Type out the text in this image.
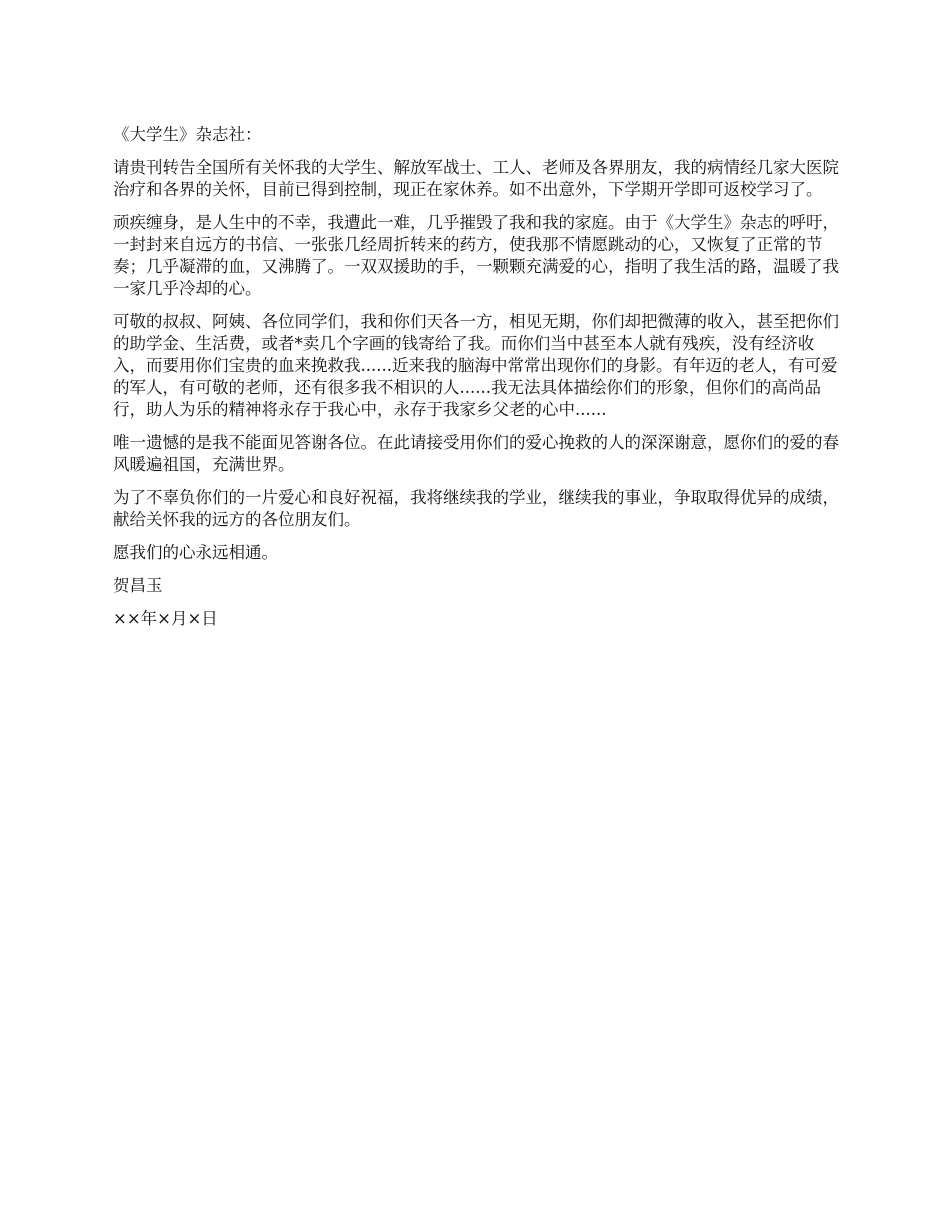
《大学生》杂志社：

请贵刊转告全国所有关怀我的大学生、解放军战士、工人、老师及各界朋友，我的病情经几家大医院治疗和各界的关怀，目前已得到控制，现正在家休养。如不出意外，下学期开学即可返校学习了。

顽疾缠身，是人生中的不幸，我遭此一难，几乎摧毁了我和我的家庭。由于《大学生》杂志的呼吁，一封封来自远方的书信、一张张几经周折转来的药方，使我那不情愿跳动的心，又恢复了正常的节奏；几乎凝滞的血，又沸腾了。一双双援助的手，一颗颗充满爱的心，指明了我生活的路，温暖了我一家几乎冷却的心。

可敬的叔叔、阿姨、各位同学们，我和你们天各一方，相见无期，你们却把微薄的收入，甚至把你们的助学金、生活费，或者*卖几个字画的钱寄给了我。而你们当中甚至本人就有残疾，没有经济收入，而要用你们宝贵的血来挽救我......近来我的脑海中常常出现你们的身影。有年迈的老人，有可爱的军人，有可敬的老师，还有很多我不相识的人......我无法具体描绘你们的形象，但你们的高尚品行，助人为乐的精神将永存于我心中，永存于我家乡父老的心中......

唯一遗憾的是我不能面见答谢各位。在此请接受用你们的爱心挽救的人的深深谢意，愿你们的爱的春风暖遍祖国，充满世界。

为了不辜负你们的一片爱心和良好祝福，我将继续我的学业，继续我的事业，争取取得优异的成绩，献给关怀我的远方的各位朋友们。

愿我们的心永远相通。

贺昌玉

××年×月×日
